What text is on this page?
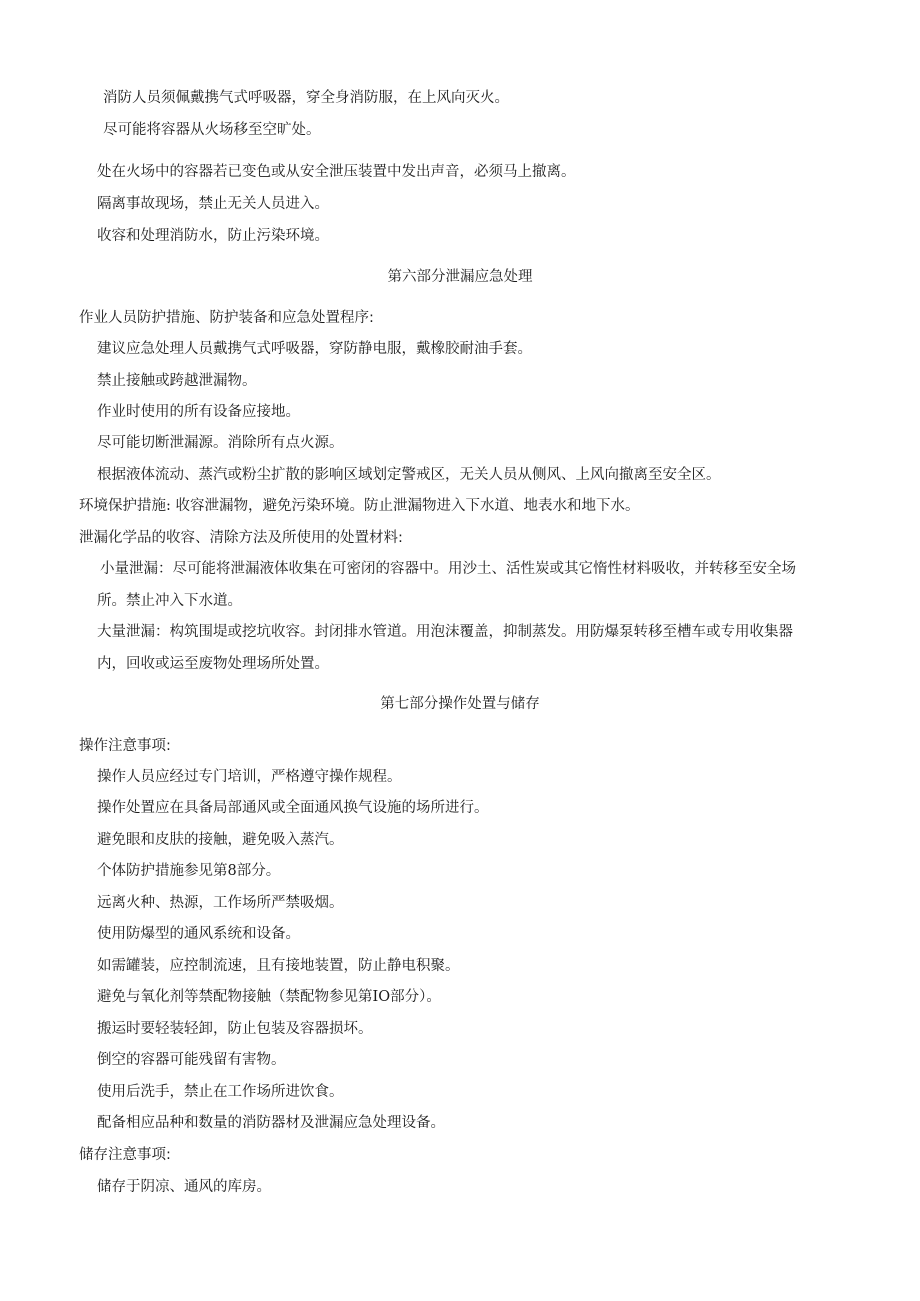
消防人员须佩戴携气式呼吸器，穿全身消防服，在上风向灭火。
尽可能将容器从火场移至空旷处。
处在火场中的容器若已变色或从安全泄压装置中发出声音，必须马上撤离。
隔离事故现场，禁止无关人员进入。
收容和处理消防水，防止污染环境。
第六部分泄漏应急处理
作业人员防护措施、防护装备和应急处置程序:
建议应急处理人员戴携气式呼吸器，穿防静电服，戴橡胶耐油手套。
禁止接触或跨越泄漏物。
作业时使用的所有设备应接地。
尽可能切断泄漏源。消除所有点火源。
根据液体流动、蒸汽或粉尘扩散的影响区域划定警戒区，无关人员从侧风、上风向撤离至安全区。
环境保护措施: 收容泄漏物，避免污染环境。防止泄漏物进入下水道、地表水和地下水。
泄漏化学品的收容、清除方法及所使用的处置材料:
小量泄漏：尽可能将泄漏液体收集在可密闭的容器中。用沙土、活性炭或其它惰性材料吸收，并转移至安全场
所。禁止冲入下水道。
大量泄漏：构筑围堤或挖坑收容。封闭排水管道。用泡沫覆盖，抑制蒸发。用防爆泵转移至槽车或专用收集器
内，回收或运至废物处理场所处置。
第七部分操作处置与储存
操作注意事项:
操作人员应经过专门培训，严格遵守操作规程。
操作处置应在具备局部通风或全面通风换气设施的场所进行。
避免眼和皮肤的接触，避免吸入蒸汽。
个体防护措施参见第8部分。
远离火种、热源，工作场所严禁吸烟。
使用防爆型的通风系统和设备。
如需罐装，应控制流速，且有接地装置，防止静电积聚。
避免与氧化剂等禁配物接触（禁配物参见第IO部分）。
搬运时要轻装轻卸，防止包装及容器损坏。
倒空的容器可能残留有害物。
使用后洗手，禁止在工作场所进饮食。
配备相应品种和数量的消防器材及泄漏应急处理设备。
储存注意事项:
储存于阴凉、通风的库房。
